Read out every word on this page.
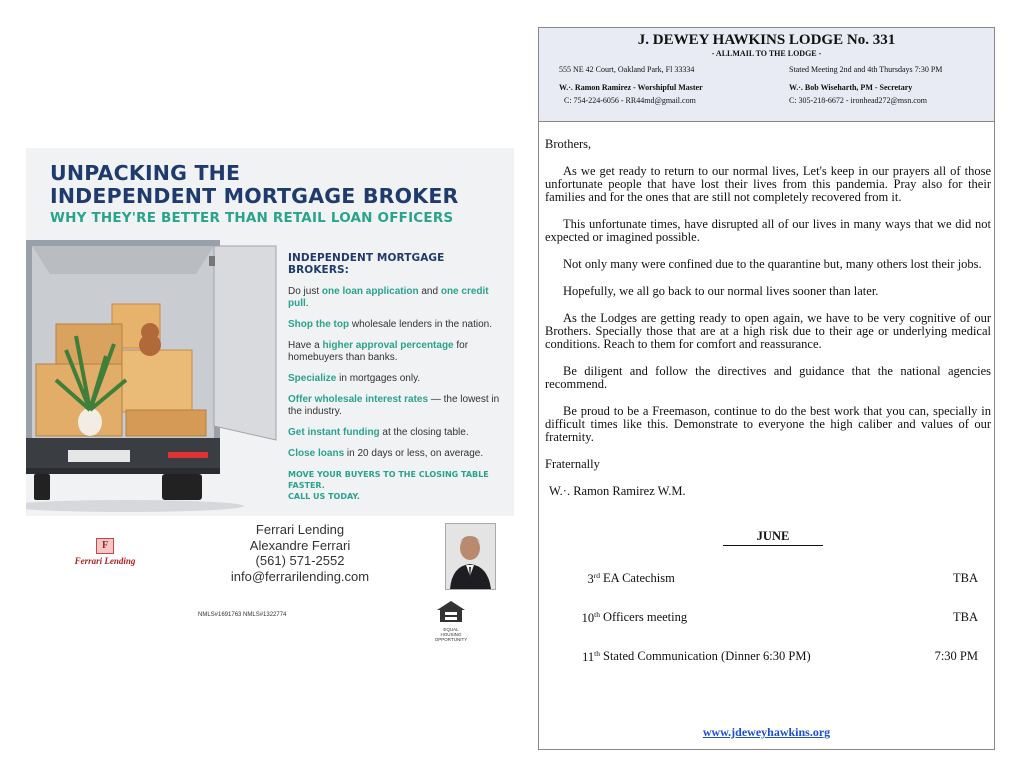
UNPACKING THE
INDEPENDENT MORTGAGE BROKER
WHY THEY'RE BETTER THAN RETAIL LOAN OFFICERS
INDEPENDENT MORTGAGE BROKERS:
Do just one loan application and one credit pull.
Shop the top wholesale lenders in the nation.
Have a higher approval percentage for homebuyers than banks.
Specialize in mortgages only.
Offer wholesale interest rates — the lowest in the industry.
Get instant funding at the closing table.
Close loans in 20 days or less, on average.
MOVE YOUR BUYERS TO THE CLOSING TABLE FASTER.
CALL US TODAY.
F
Ferrari Lending
Ferrari Lending
Alexandre Ferrari
(561) 571-2552
info@ferrarilending.com
NMLS#1691763 NMLS#1322774
EQUAL HOUSING
OPPORTUNITY
J. DEWEY HAWKINS LODGE No. 331
- ALLMAIL TO THE LODGE -
555 NE 42 Court, Oakland Park, Fl 33334	Stated Meeting 2nd and 4th Thursdays 7:30 PM
W.·. Ramon Ramirez - Worshipful Master
C: 754-224-6056 - RR44md@gmail.com
W.·. Bob Wiseharth, PM - Secretary
C: 305-218-6672 - ironhead272@msn.com

Brothers,

As we get ready to return to our normal lives, Let's keep in our prayers all of those unfortunate people that have lost their lives from this pandemia. Pray also for their families and for the ones that are still not completely recovered from it.

This unfortunate times, have disrupted all of our lives in many ways that we did not expected or imagined possible.

Not only many were confined due to the quarantine but, many others lost their jobs.

Hopefully, we all go back to our normal lives sooner than later.

As the Lodges are getting ready to open again, we have to be very cognitive of our Brothers. Specially those that are at a high risk due to their age or underlying medical conditions. Reach to them for comfort and reassurance.

Be diligent and follow the directives and guidance that the national agencies recommend.

Be proud to be a Freemason, continue to do the best work that you can, specially in difficult times like this. Demonstrate to everyone the high caliber and values of our fraternity.

Fraternally

W.·. Ramon Ramirez W.M.

JUNE
3rd EA Catechism	TBA
10th Officers meeting	TBA
11th Stated Communication (Dinner 6:30 PM)	7:30 PM
www.jdeweyhawkins.org
